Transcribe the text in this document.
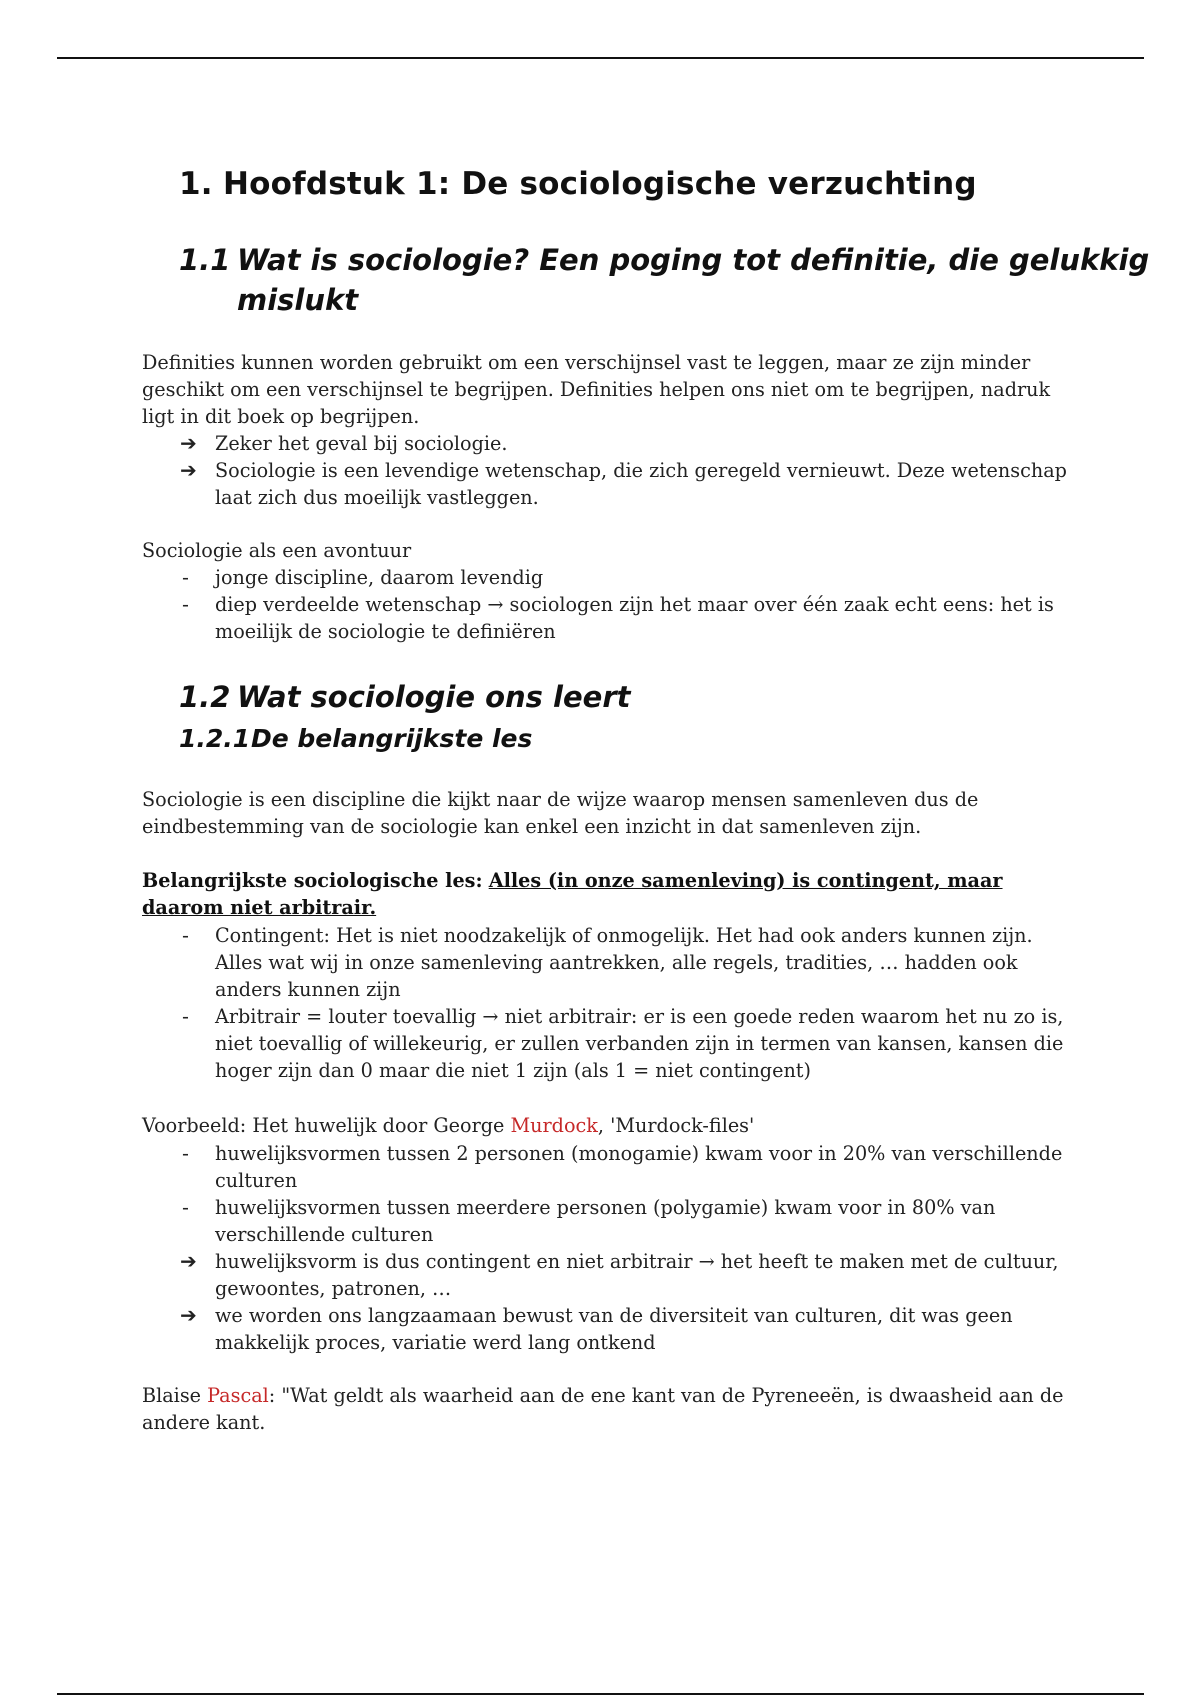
1. Hoofdstuk 1: De sociologische verzuchting
1.1 Wat is sociologie? Een poging tot definitie, die gelukkig
mislukt

Definities kunnen worden gebruikt om een verschijnsel vast te leggen, maar ze zijn minder geschikt om een verschijnsel te begrijpen. Definities helpen ons niet om te begrijpen, nadruk ligt in dit boek op begrijpen.

➔ Zeker het geval bij sociologie.
➔ Sociologie is een levendige wetenschap, die zich geregeld vernieuwt. Deze wetenschap laat zich dus moeilijk vastleggen.

Sociologie als een avontuur

-	jonge discipline, daarom levendig
-	diep verdeelde wetenschap → sociologen zijn het maar over één zaak echt eens: het is moeilijk de sociologie te definiëren
1.2 Wat sociologie ons leert
1.2.1De belangrijkste les

Sociologie is een discipline die kijkt naar de wijze waarop mensen samenleven dus de eindbestemming van de sociologie kan enkel een inzicht in dat samenleven zijn.

Belangrijkste sociologische les: Alles (in onze samenleving) is contingent, maar daarom niet arbitrair.

-	Contingent: Het is niet noodzakelijk of onmogelijk. Het had ook anders kunnen zijn. Alles wat wij in onze samenleving aantrekken, alle regels, tradities, … hadden ook anders kunnen zijn
-	Arbitrair = louter toevallig → niet arbitrair: er is een goede reden waarom het nu zo is, niet toevallig of willekeurig, er zullen verbanden zijn in termen van kansen, kansen die hoger zijn dan 0 maar die niet 1 zijn (als 1 = niet contingent)

Voorbeeld: Het huwelijk door George Murdock, 'Murdock-files'

-	huwelijksvormen tussen 2 personen (monogamie) kwam voor in 20% van verschillende culturen
-	huwelijksvormen tussen meerdere personen (polygamie) kwam voor in 80% van verschillende culturen
➔ huwelijksvorm is dus contingent en niet arbitrair → het heeft te maken met de cultuur, gewoontes, patronen, …
➔ we worden ons langzaamaan bewust van de diversiteit van culturen, dit was geen makkelijk proces, variatie werd lang ontkend

Blaise Pascal: "Wat geldt als waarheid aan de ene kant van de Pyreneeën, is dwaasheid aan de andere kant.
